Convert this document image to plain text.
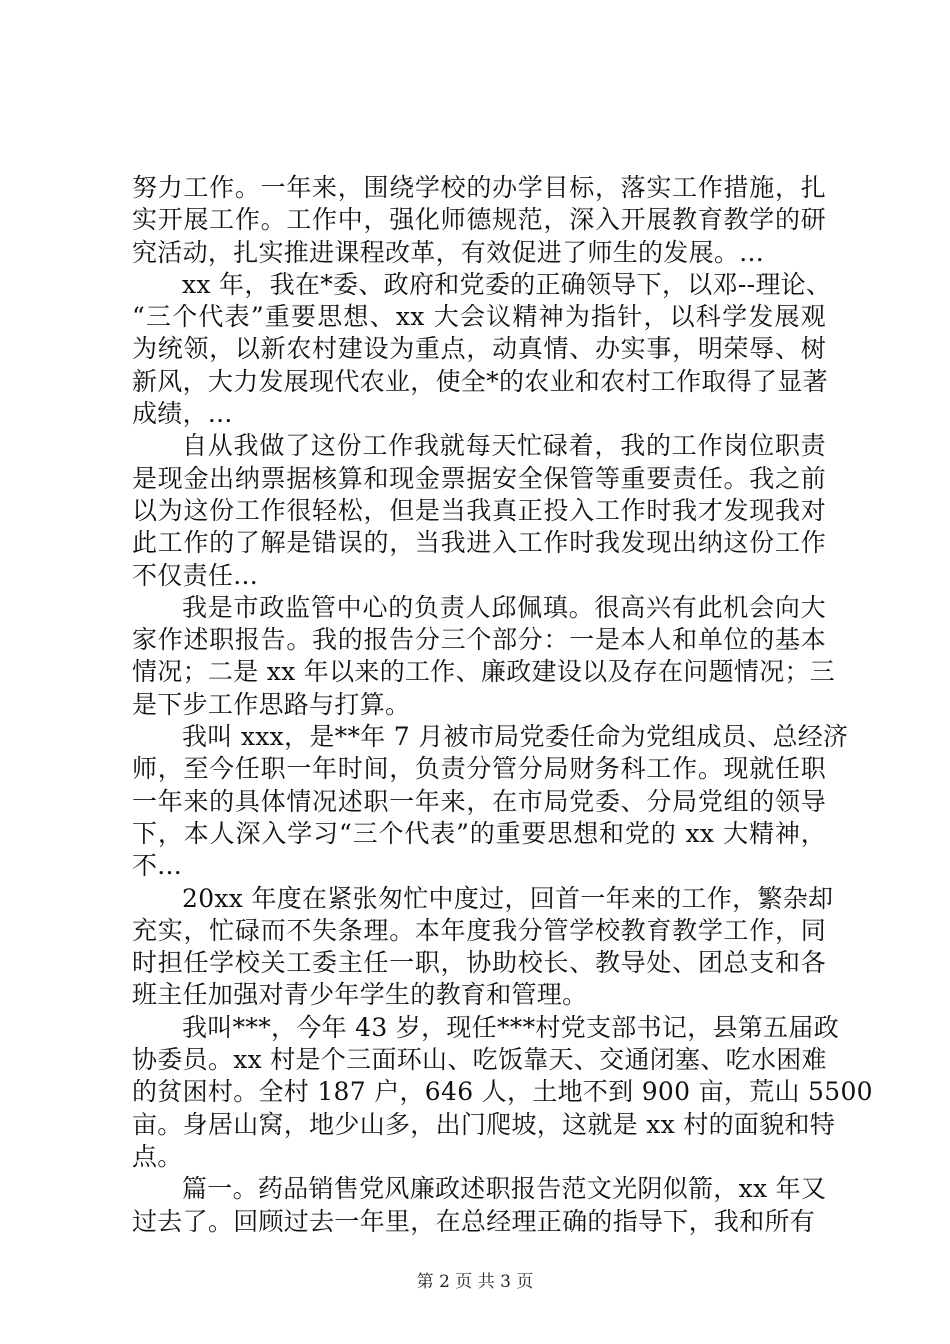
努力工作。一年来，围绕学校的办学目标，落实工作措施，扎
实开展工作。工作中，强化师德规范，深入开展教育教学的研
究活动，扎实推进课程改革，有效促进了师生的发展。...
xx 年，我在*委、政府和党委的正确领导下，以邓--理论、
“三个代表”重要思想、xx 大会议精神为指针，以科学发展观
为统领，以新农村建设为重点，动真情、办实事，明荣辱、树
新风，大力发展现代农业，使全*的农业和农村工作取得了显著
成绩，...
自从我做了这份工作我就每天忙碌着，我的工作岗位职责
是现金出纳票据核算和现金票据安全保管等重要责任。我之前
以为这份工作很轻松，但是当我真正投入工作时我才发现我对
此工作的了解是错误的，当我进入工作时我发现出纳这份工作
不仅责任...
我是市政监管中心的负责人邱佩瑱。很高兴有此机会向大
家作述职报告。我的报告分三个部分：一是本人和单位的基本
情况；二是 xx 年以来的工作、廉政建设以及存在问题情况；三
是下步工作思路与打算。
我叫 xxx，是**年 7 月被市局党委任命为党组成员、总经济
师，至今任职一年时间，负责分管分局财务科工作。现就任职
一年来的具体情况述职一年来，在市局党委、分局党组的领导
下，本人深入学习“三个代表”的重要思想和党的 xx 大精神，
不...
20xx 年度在紧张匆忙中度过，回首一年来的工作，繁杂却
充实，忙碌而不失条理。本年度我分管学校教育教学工作，同
时担任学校关工委主任一职，协助校长、教导处、团总支和各
班主任加强对青少年学生的教育和管理。
我叫***，今年 43 岁，现任***村党支部书记，县第五届政
协委员。xx 村是个三面环山、吃饭靠天、交通闭塞、吃水困难
的贫困村。全村 187 户，646 人，土地不到 900 亩，荒山 5500
亩。身居山窝，地少山多，出门爬坡，这就是 xx 村的面貌和特
点。
篇一。药品销售党风廉政述职报告范文光阴似箭，xx 年又
过去了。回顾过去一年里，在总经理正确的指导下，我和所有
第 2 页 共 3 页
